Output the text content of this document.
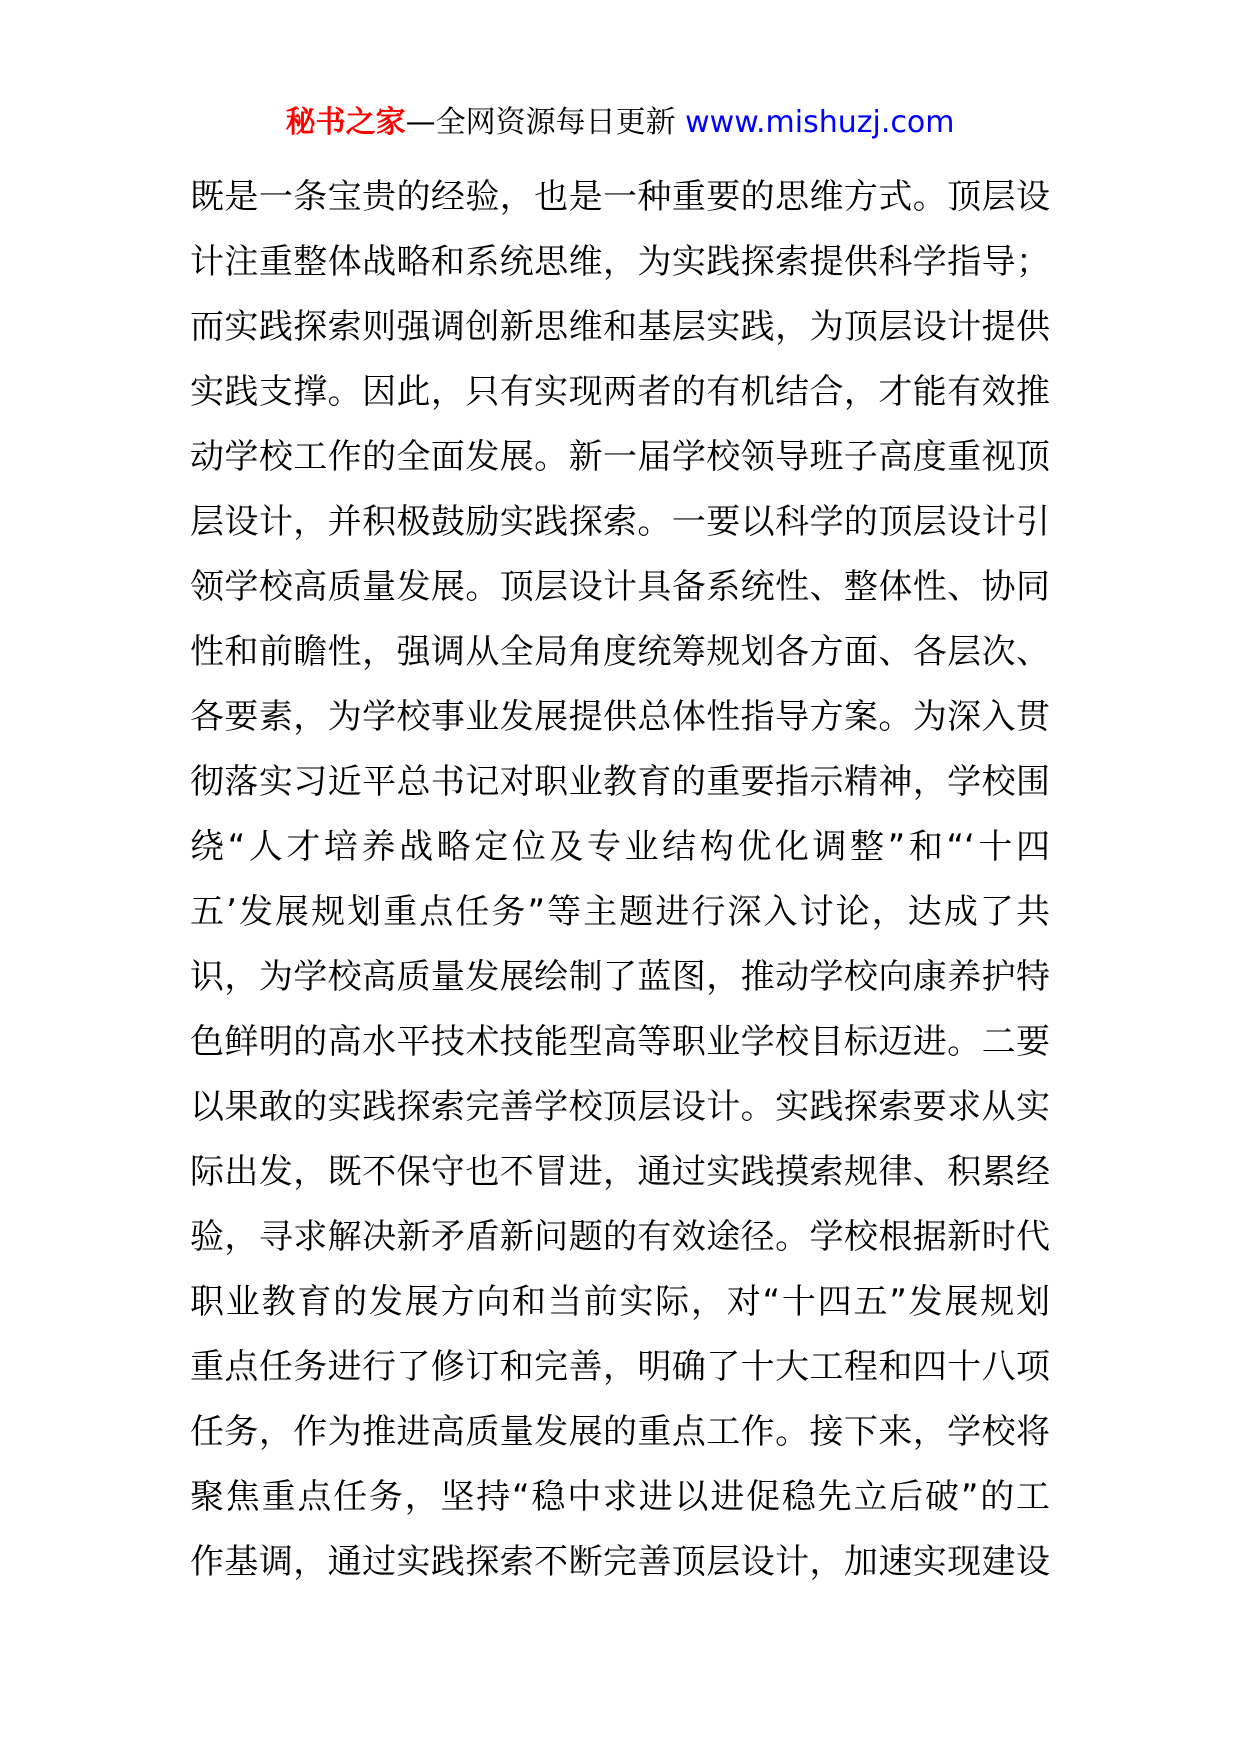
秘书之家—全网资源每日更新 www.mishuzj.com
既是一条宝贵的经验，也是一种重要的思维方式。顶层设
计注重整体战略和系统思维，为实践探索提供科学指导；
而实践探索则强调创新思维和基层实践，为顶层设计提供
实践支撑。因此，只有实现两者的有机结合，才能有效推
动学校工作的全面发展。新一届学校领导班子高度重视顶
层设计，并积极鼓励实践探索。一要以科学的顶层设计引
领学校高质量发展。顶层设计具备系统性、整体性、协同
性和前瞻性，强调从全局角度统筹规划各方面、各层次、
各要素，为学校事业发展提供总体性指导方案。为深入贯
彻落实习近平总书记对职业教育的重要指示精神，学校围
绕“人才培养战略定位及专业结构优化调整”和“‘十四
五’发展规划重点任务”等主题进行深入讨论，达成了共
识，为学校高质量发展绘制了蓝图，推动学校向康养护特
色鲜明的高水平技术技能型高等职业学校目标迈进。二要
以果敢的实践探索完善学校顶层设计。实践探索要求从实
际出发，既不保守也不冒进，通过实践摸索规律、积累经
验，寻求解决新矛盾新问题的有效途径。学校根据新时代
职业教育的发展方向和当前实际，对“十四五”发展规划
重点任务进行了修订和完善，明确了十大工程和四十八项
任务，作为推进高质量发展的重点工作。接下来，学校将
聚焦重点任务，坚持“稳中求进以进促稳先立后破”的工
作基调，通过实践探索不断完善顶层设计，加速实现建设
